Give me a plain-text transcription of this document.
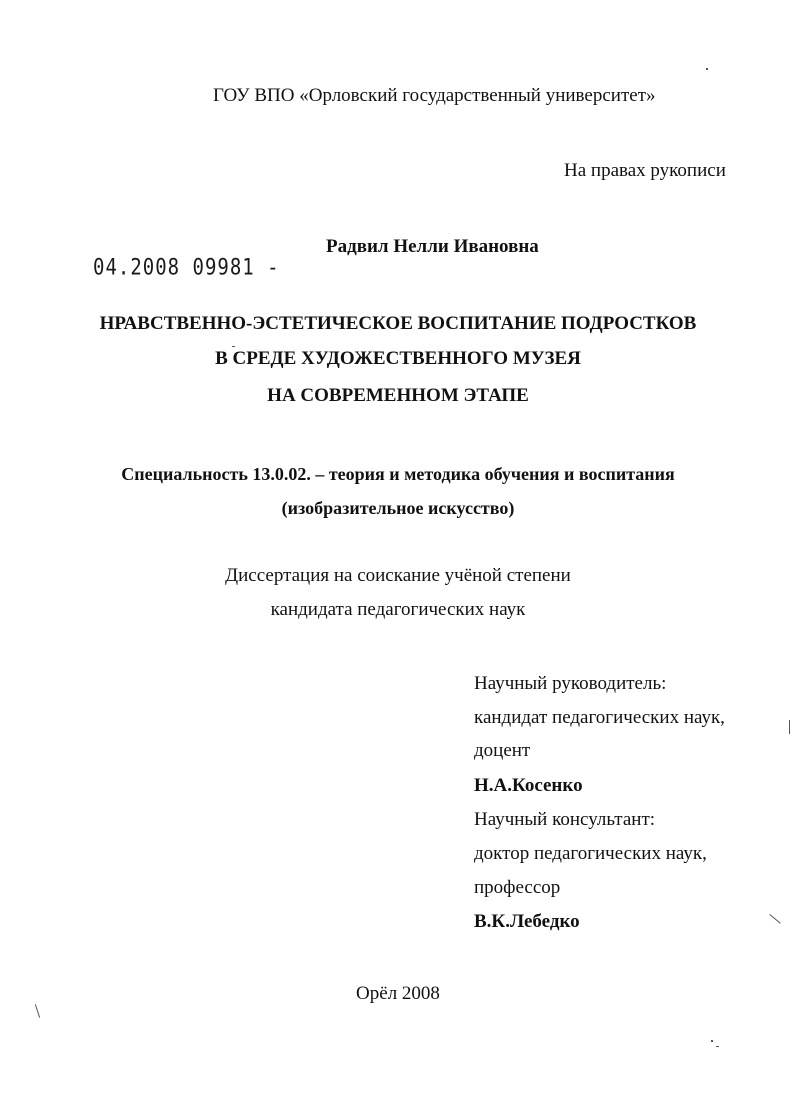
ГОУ ВПО «Орловский государственный университет»
На правах рукописи
04.2008 09981 -
Радвил Нелли Ивановна
НРАВСТВЕННО-ЭСТЕТИЧЕСКОЕ ВОСПИТАНИЕ ПОДРОСТКОВ
В СРЕДЕ ХУДОЖЕСТВЕННОГО МУЗЕЯ
НА СОВРЕМЕННОМ ЭТАПЕ
Специальность 13.0.02. – теория и методика обучения и воспитания
(изобразительное искусство)
Диссертация на соискание учёной степени
кандидата педагогических наук
Научный руководитель:
кандидат педагогических наук,
доцент
Н.А.Косенко
Научный консультант:
доктор педагогических наук,
профессор
В.К.Лебедко
Орёл 2008
